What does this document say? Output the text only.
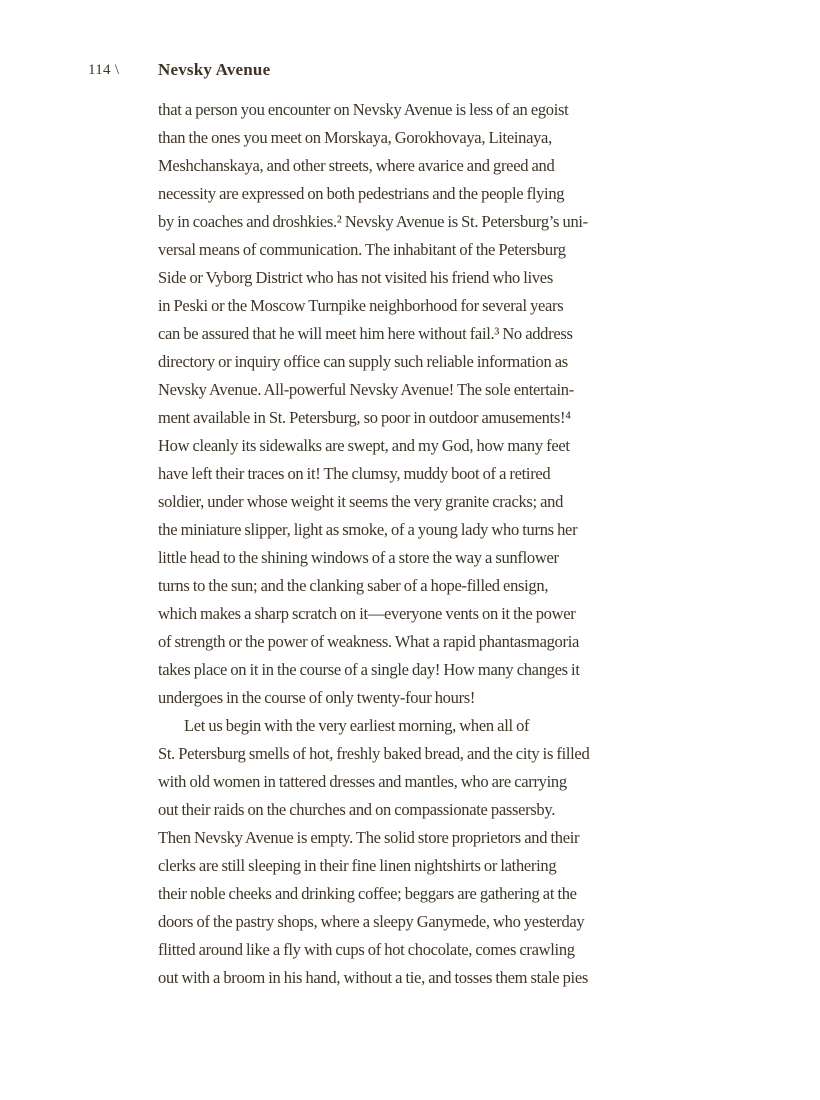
114 \ Nevsky Avenue
that a person you encounter on Nevsky Avenue is less of an egoist
than the ones you meet on Morskaya, Gorokhovaya, Liteinaya,
Meshchanskaya, and other streets, where avarice and greed and
necessity are expressed on both pedestrians and the people flying
by in coaches and droshkies.² Nevsky Avenue is St. Petersburg’s uni-
versal means of communication. The inhabitant of the Petersburg
Side or Vyborg District who has not visited his friend who lives
in Peski or the Moscow Turnpike neighborhood for several years
can be assured that he will meet him here without fail.³ No address
directory or inquiry office can supply such reliable information as
Nevsky Avenue. All-powerful Nevsky Avenue! The sole entertain-
ment available in St. Petersburg, so poor in outdoor amusements!⁴
How cleanly its sidewalks are swept, and my God, how many feet
have left their traces on it! The clumsy, muddy boot of a retired
soldier, under whose weight it seems the very granite cracks; and
the miniature slipper, light as smoke, of a young lady who turns her
little head to the shining windows of a store the way a sunflower
turns to the sun; and the clanking saber of a hope-filled ensign,
which makes a sharp scratch on it—everyone vents on it the power
of strength or the power of weakness. What a rapid phantasmagoria
takes place on it in the course of a single day! How many changes it
undergoes in the course of only twenty-four hours!
Let us begin with the very earliest morning, when all of
St. Petersburg smells of hot, freshly baked bread, and the city is filled
with old women in tattered dresses and mantles, who are carrying
out their raids on the churches and on compassionate passersby.
Then Nevsky Avenue is empty. The solid store proprietors and their
clerks are still sleeping in their fine linen nightshirts or lathering
their noble cheeks and drinking coffee; beggars are gathering at the
doors of the pastry shops, where a sleepy Ganymede, who yesterday
flitted around like a fly with cups of hot chocolate, comes crawling
out with a broom in his hand, without a tie, and tosses them stale pies
